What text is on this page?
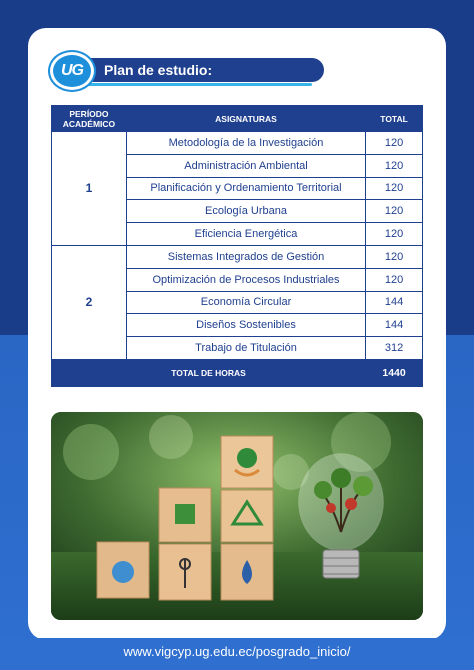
UG	Plan de estudio:
PERÍODO ACADÉMICO	ASIGNATURAS	TOTAL
1	Metodología de la Investigación	120
	Administración Ambiental	120
	Planificación y Ordenamiento Territorial	120
	Ecología Urbana	120
	Eficiencia Energética	120
2	Sistemas Integrados de Gestión	120
	Optimización de Procesos Industriales	120
	Economía Circular	144
	Diseños Sostenibles	144
	Trabajo de Titulación	312
TOTAL DE HORAS		1440
www.vigcyp.ug.edu.ec/posgrado_inicio/
